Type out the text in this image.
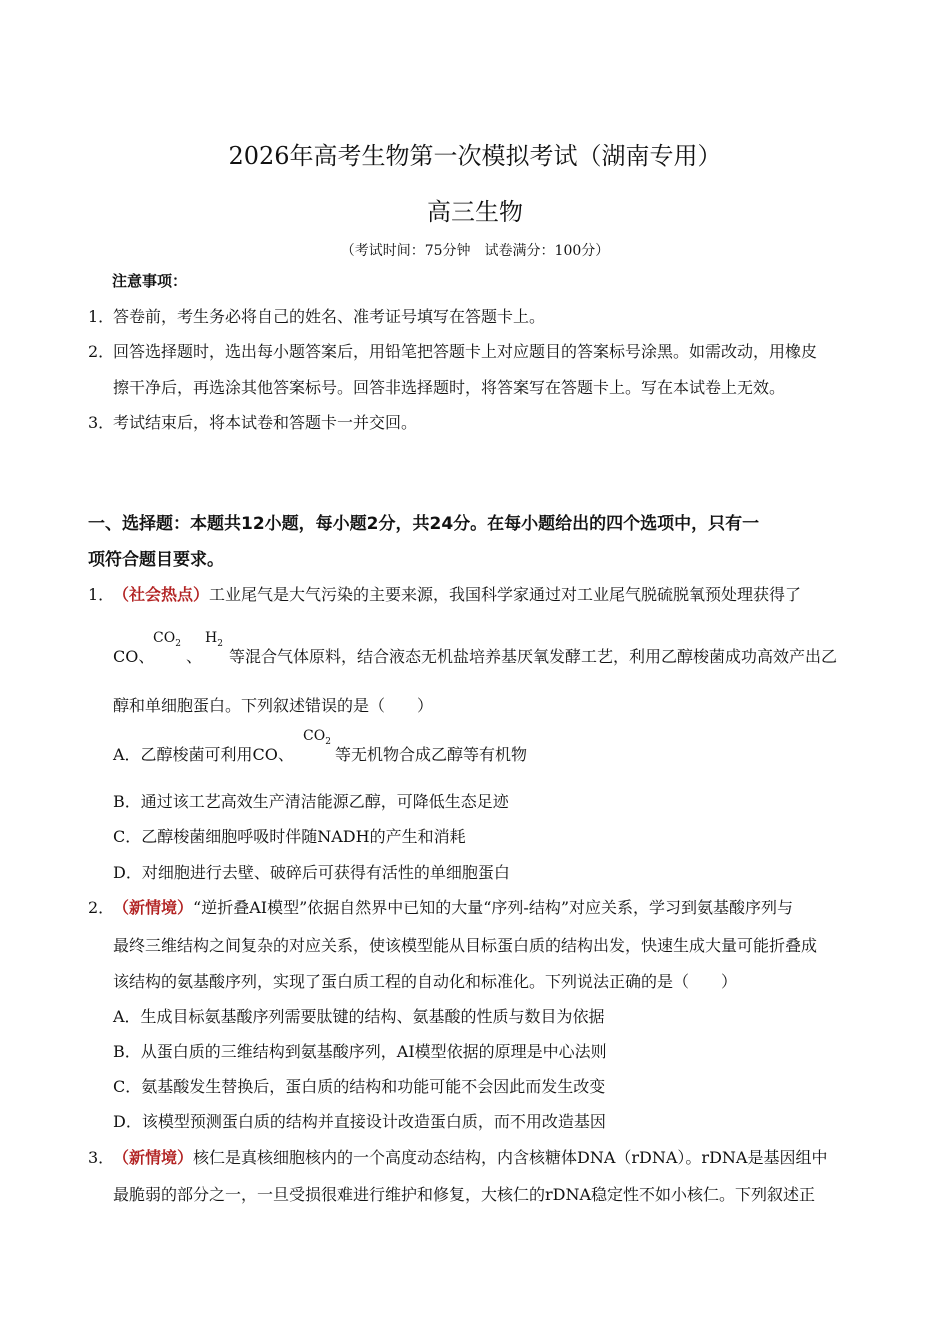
2026年高考生物第一次模拟考试（湖南专用）
高三生物
（考试时间：75分钟　试卷满分：100分）
注意事项：
1．
答卷前，考生务必将自己的姓名、准考证号填写在答题卡上。
2．
回答选择题时，选出每小题答案后，用铅笔把答题卡上对应题目的答案标号涂黑。如需改动，用橡皮
擦干净后，再选涂其他答案标号。回答非选择题时，将答案写在答题卡上。写在本试卷上无效。
3．
考试结束后，将本试卷和答题卡一并交回。
一、选择题：本题共12小题，每小题2分，共24分。在每小题给出的四个选项中，只有一
项符合题目要求。
1．
（社会热点）工业尾气是大气污染的主要来源，我国科学家通过对工业尾气脱硫脱氧预处理获得了
CO、
$CO_2$
、
$H_2$
等混合气体原料，结合液态无机盐培养基厌氧发酵工艺，利用乙醇梭菌成功高效产出乙
醇和单细胞蛋白。下列叙述错误的是（　　）
A．乙醇梭菌可利用CO、
$CO_2$
等无机物合成乙醇等有机物
B．通过该工艺高效生产清洁能源乙醇，可降低生态足迹
C．乙醇梭菌细胞呼吸时伴随NADH的产生和消耗
D．对细胞进行去壁、破碎后可获得有活性的单细胞蛋白
2．
（新情境）“逆折叠AI模型”依据自然界中已知的大量“序列-结构”对应关系，学习到氨基酸序列与
最终三维结构之间复杂的对应关系，使该模型能从目标蛋白质的结构出发，快速生成大量可能折叠成
该结构的氨基酸序列，实现了蛋白质工程的自动化和标准化。下列说法正确的是（　　）
A．生成目标氨基酸序列需要肽键的结构、氨基酸的性质与数目为依据
B．从蛋白质的三维结构到氨基酸序列，AI模型依据的原理是中心法则
C．氨基酸发生替换后，蛋白质的结构和功能可能不会因此而发生改变
D．该模型预测蛋白质的结构并直接设计改造蛋白质，而不用改造基因
3．
（新情境）核仁是真核细胞核内的一个高度动态结构，内含核糖体DNA（rDNA）。rDNA是基因组中
最脆弱的部分之一，一旦受损很难进行维护和修复，大核仁的rDNA稳定性不如小核仁。下列叙述正
